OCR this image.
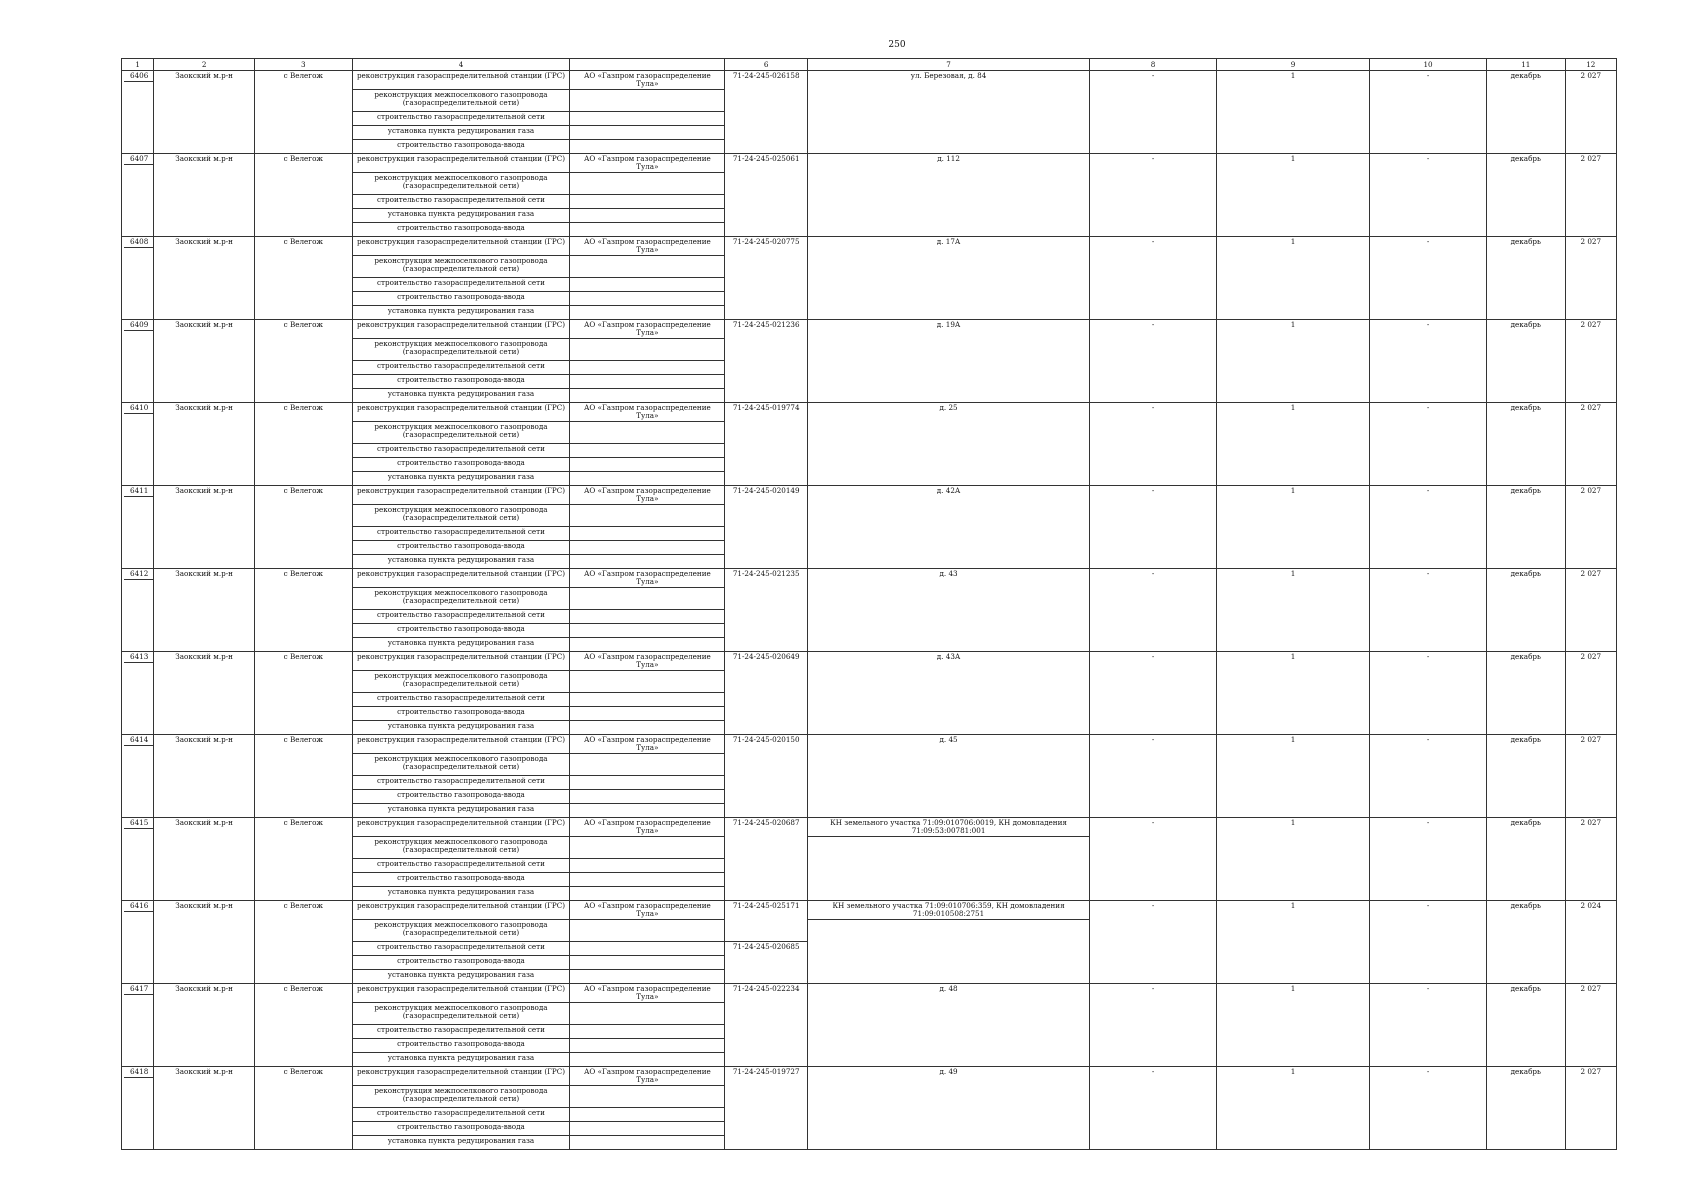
250
1	2	3	4		6	7	8	9	10	11	12
6406	Заокский м.р-н	с Велегож	реконструкция газораспределительной станции (ГРС)	АО «Газпром газораспределение Тула»	71-24-245-026158	ул. Березовая, д. 84	-	1	-	декабрь	2 027
			реконструкция межпоселкового газопровода (газораспределительной сети)								
			строительство газораспределительной сети								
			установка пункта редуцирования газа								
			строительство газопровода-ввода								
6407	Заокский м.р-н	с Велегож	реконструкция газораспределительной станции (ГРС)	АО «Газпром газораспределение Тула»	71-24-245-025061	д. 112	-	1	-	декабрь	2 027
			реконструкция межпоселкового газопровода (газораспределительной сети)								
			строительство газораспределительной сети								
			установка пункта редуцирования газа								
			строительство газопровода-ввода								
6408	Заокский м.р-н	с Велегож	реконструкция газораспределительной станции (ГРС)	АО «Газпром газораспределение Тула»	71-24-245-020775	д. 17А	-	1	-	декабрь	2 027
			реконструкция межпоселкового газопровода (газораспределительной сети)								
			строительство газораспределительной сети								
			строительство газопровода-ввода								
			установка пункта редуцирования газа								
6409	Заокский м.р-н	с Велегож	реконструкция газораспределительной станции (ГРС)	АО «Газпром газораспределение Тула»	71-24-245-021236	д. 19А	-	1	-	декабрь	2 027
			реконструкция межпоселкового газопровода (газораспределительной сети)								
			строительство газораспределительной сети								
			строительство газопровода-ввода								
			установка пункта редуцирования газа								
6410	Заокский м.р-н	с Велегож	реконструкция газораспределительной станции (ГРС)	АО «Газпром газораспределение Тула»	71-24-245-019774	д. 25	-	1	-	декабрь	2 027
			реконструкция межпоселкового газопровода (газораспределительной сети)								
			строительство газораспределительной сети								
			строительство газопровода-ввода								
			установка пункта редуцирования газа								
6411	Заокский м.р-н	с Велегож	реконструкция газораспределительной станции (ГРС)	АО «Газпром газораспределение Тула»	71-24-245-020149	д. 42А	-	1	-	декабрь	2 027
			реконструкция межпоселкового газопровода (газораспределительной сети)								
			строительство газораспределительной сети								
			строительство газопровода-ввода								
			установка пункта редуцирования газа								
6412	Заокский м.р-н	с Велегож	реконструкция газораспределительной станции (ГРС)	АО «Газпром газораспределение Тула»	71-24-245-021235	д. 43	-	1	-	декабрь	2 027
			реконструкция межпоселкового газопровода (газораспределительной сети)								
			строительство газораспределительной сети								
			строительство газопровода-ввода								
			установка пункта редуцирования газа								
6413	Заокский м.р-н	с Велегож	реконструкция газораспределительной станции (ГРС)	АО «Газпром газораспределение Тула»	71-24-245-020649	д. 43А	-	1	-	декабрь	2 027
			реконструкция межпоселкового газопровода (газораспределительной сети)								
			строительство газораспределительной сети								
			строительство газопровода-ввода								
			установка пункта редуцирования газа								
6414	Заокский м.р-н	с Велегож	реконструкция газораспределительной станции (ГРС)	АО «Газпром газораспределение Тула»	71-24-245-020150	д. 45	-	1	-	декабрь	2 027
			реконструкция межпоселкового газопровода (газораспределительной сети)								
			строительство газораспределительной сети								
			строительство газопровода-ввода								
			установка пункта редуцирования газа								
6415	Заокский м.р-н	с Велегож	реконструкция газораспределительной станции (ГРС)	АО «Газпром газораспределение Тула»	71-24-245-020687	КН земельного участка 71:09:010706:0019, КН домовладения 71:09:53:00781:001	-	1	-	декабрь	2 027
			реконструкция межпоселкового газопровода (газораспределительной сети)								
			строительство газораспределительной сети								
			строительство газопровода-ввода								
			установка пункта редуцирования газа								
6416	Заокский м.р-н	с Велегож	реконструкция газораспределительной станции (ГРС)	АО «Газпром газораспределение Тула»	71-24-245-025171	КН земельного участка 71:09:010706:359, КН домовладения 71:09:010508:2751	-	1	-	декабрь	2 024
			реконструкция межпоселкового газопровода (газораспределительной сети)								
			строительство газораспределительной сети		71-24-245-020685						
			строительство газопровода-ввода								
			установка пункта редуцирования газа								
6417	Заокский м.р-н	с Велегож	реконструкция газораспределительной станции (ГРС)	АО «Газпром газораспределение Тула»	71-24-245-022234	д. 48	-	1	-	декабрь	2 027
			реконструкция межпоселкового газопровода (газораспределительной сети)								
			строительство газораспределительной сети								
			строительство газопровода-ввода								
			установка пункта редуцирования газа								
6418	Заокский м.р-н	с Велегож	реконструкция газораспределительной станции (ГРС)	АО «Газпром газораспределение Тула»	71-24-245-019727	д. 49	-	1	-	декабрь	2 027
			реконструкция межпоселкового газопровода (газораспределительной сети)								
			строительство газораспределительной сети								
			строительство газопровода-ввода								
			установка пункта редуцирования газа								
